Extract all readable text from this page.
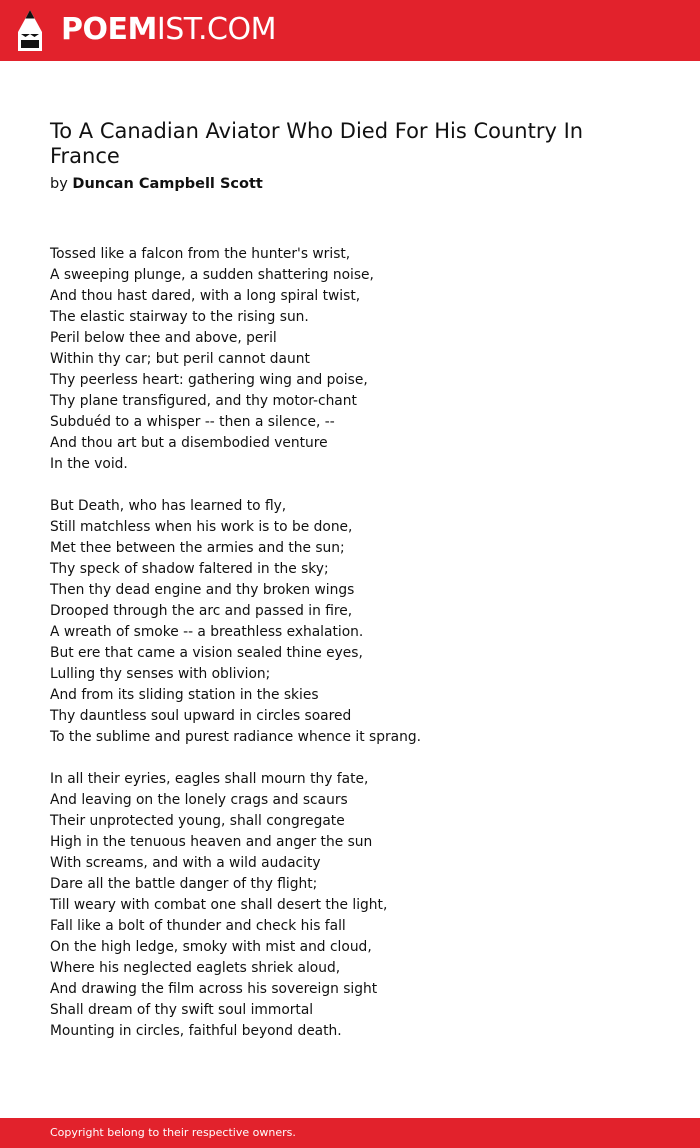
POEMIST.COM
To A Canadian Aviator Who Died For His Country In France
by Duncan Campbell Scott
Tossed like a falcon from the hunter's wrist,
A sweeping plunge, a sudden shattering noise,
And thou hast dared, with a long spiral twist,
The elastic stairway to the rising sun.
Peril below thee and above, peril
Within thy car; but peril cannot daunt
Thy peerless heart: gathering wing and poise,
Thy plane transfigured, and thy motor-chant
Subduéd to a whisper -- then a silence, --
And thou art but a disembodied venture
In the void.
But Death, who has learned to fly,
Still matchless when his work is to be done,
Met thee between the armies and the sun;
Thy speck of shadow faltered in the sky;
Then thy dead engine and thy broken wings
Drooped through the arc and passed in fire,
A wreath of smoke -- a breathless exhalation.
But ere that came a vision sealed thine eyes,
Lulling thy senses with oblivion;
And from its sliding station in the skies
Thy dauntless soul upward in circles soared
To the sublime and purest radiance whence it sprang.
In all their eyries, eagles shall mourn thy fate,
And leaving on the lonely crags and scaurs
Their unprotected young, shall congregate
High in the tenuous heaven and anger the sun
With screams, and with a wild audacity
Dare all the battle danger of thy flight;
Till weary with combat one shall desert the light,
Fall like a bolt of thunder and check his fall
On the high ledge, smoky with mist and cloud,
Where his neglected eaglets shriek aloud,
And drawing the film across his sovereign sight
Shall dream of thy swift soul immortal
Mounting in circles, faithful beyond death.
Copyright belong to their respective owners.
